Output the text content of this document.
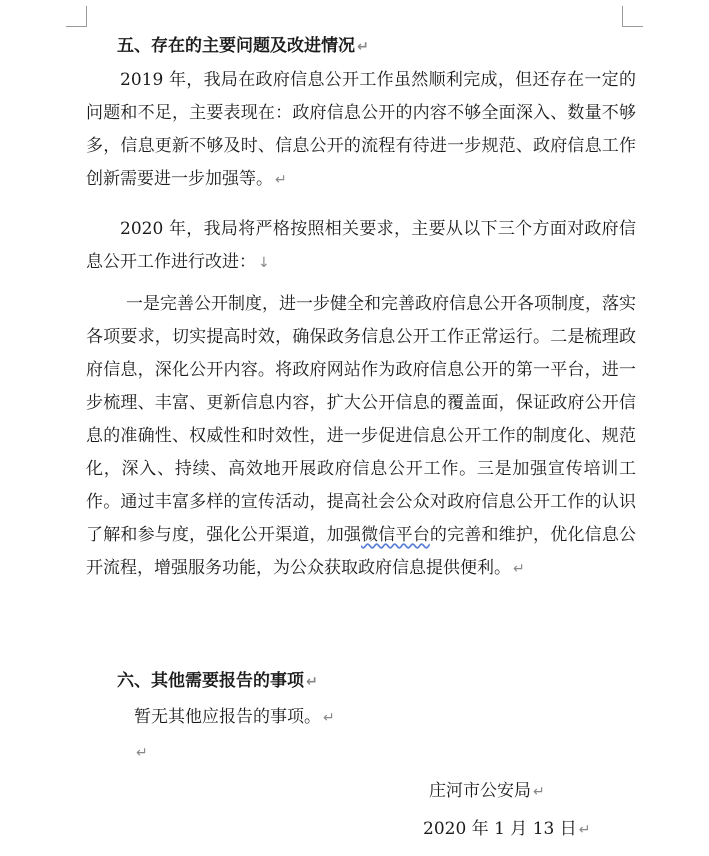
五、存在的主要问题及改进情况 ↵

2019 年，我局在政府信息公开工作虽然顺利完成，但还存在一定的问题和不足，主要表现在：政府信息公开的内容不够全面深入、数量不够多，信息更新不够及时、信息公开的流程有待进一步规范、政府信息工作创新需要进一步加强等。 ↵

2020 年，我局将严格按照相关要求，主要从以下三个方面对政府信息公开工作进行改进： ↓

一是完善公开制度，进一步健全和完善政府信息公开各项制度，落实各项要求，切实提高时效，确保政务信息公开工作正常运行。二是梳理政府信息，深化公开内容。将政府网站作为政府信息公开的第一平台，进一步梳理、丰富、更新信息内容，扩大公开信息的覆盖面，保证政府公开信息的准确性、权威性和时效性，进一步促进信息公开工作的制度化、规范化，深入、持续、高效地开展政府信息公开工作。三是加强宣传培训工作。通过丰富多样的宣传活动，提高社会公众对政府信息公开工作的认识了解和参与度，强化公开渠道，加强微信平台的完善和维护，优化信息公开流程，增强服务功能，为公众获取政府信息提供便利。 ↵

六、其他需要报告的事项 ↵

暂无其他应报告的事项。 ↵

↵

庄河市公安局 ↵

2020 年 1 月 13 日 ↵
